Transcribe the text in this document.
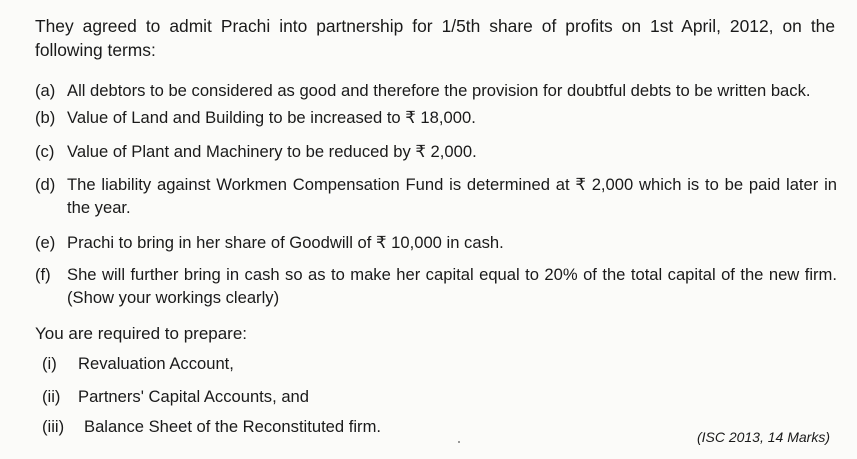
They agreed to admit Prachi into partnership for 1/5th share of profits on 1st April, 2012, on the following terms:
(a) All debtors to be considered as good and therefore the provision for doubtful debts to be written back.
(b) Value of Land and Building to be increased to ₹ 18,000.
(c) Value of Plant and Machinery to be reduced by ₹ 2,000.
(d) The liability against Workmen Compensation Fund is determined at ₹ 2,000 which is to be paid later in the year.
(e) Prachi to bring in her share of Goodwill of ₹ 10,000 in cash.
(f) She will further bring in cash so as to make her capital equal to 20% of the total capital of the new firm. (Show your workings clearly)
You are required to prepare:
(i) Revaluation Account,
(ii) Partners' Capital Accounts, and
(iii) Balance Sheet of the Reconstituted firm.
(ISC 2013, 14 Marks)
